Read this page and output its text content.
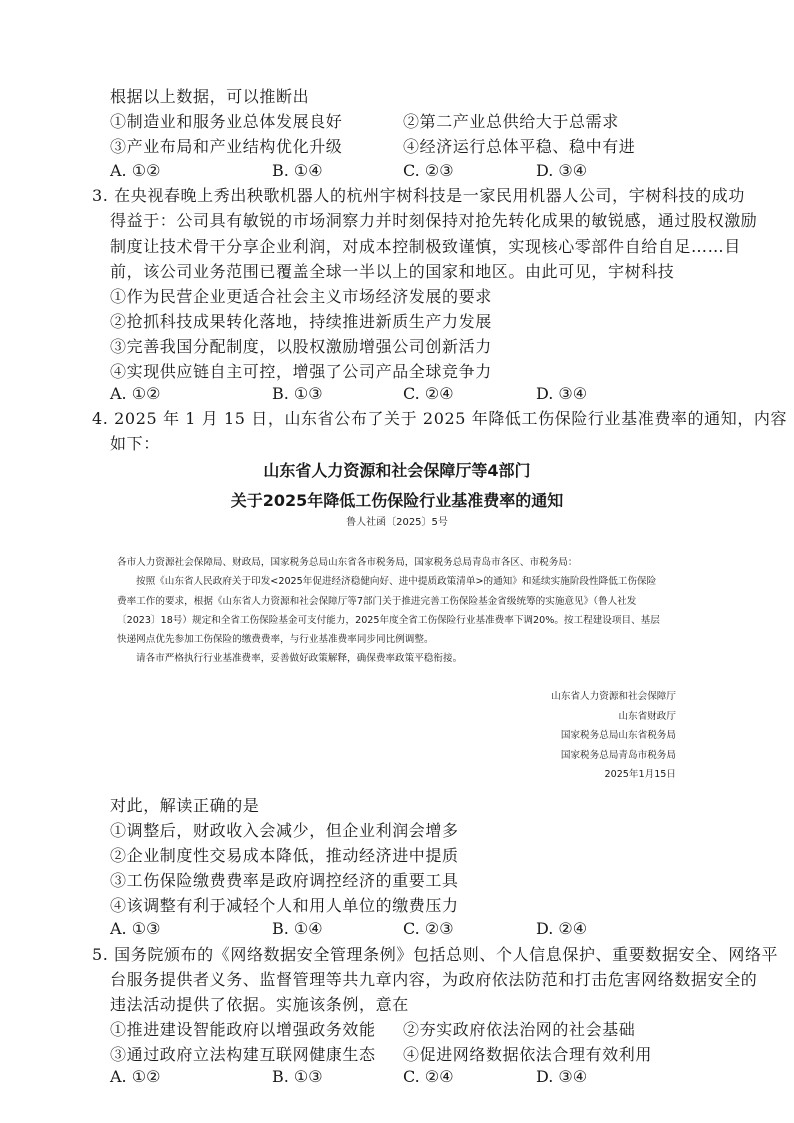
根据以上数据，可以推断出
①制造业和服务业总体发展良好	②第二产业总供给大于总需求
③产业布局和产业结构优化升级	④经济运行总体平稳、稳中有进
A. ①②	B. ①④	C. ②③	D. ③④
3. 在央视春晚上秀出秧歌机器人的杭州宇树科技是一家民用机器人公司，宇树科技的成功
得益于：公司具有敏锐的市场洞察力并时刻保持对抢先转化成果的敏锐感，通过股权激励
制度让技术骨干分享企业利润，对成本控制极致谨慎，实现核心零部件自给自足……目
前，该公司业务范围已覆盖全球一半以上的国家和地区。由此可见，宇树科技
①作为民营企业更适合社会主义市场经济发展的要求
②抢抓科技成果转化落地，持续推进新质生产力发展
③完善我国分配制度，以股权激励增强公司创新活力
④实现供应链自主可控，增强了公司产品全球竞争力
A. ①②	B. ①③	C. ②④	D. ③④
4. 2025 年 1 月 15 日，山东省公布了关于 2025 年降低工伤保险行业基准费率的通知，内容
如下：
山东省人力资源和社会保障厅等4部门
关于2025年降低工伤保险行业基准费率的通知
鲁人社函〔2025〕5号
各市人力资源社会保障局、财政局，国家税务总局山东省各市税务局，国家税务总局青岛市各区、市税务局：
按照《山东省人民政府关于印发<2025年促进经济稳健向好、进中提质政策清单>的通知》和延续实施阶段性降低工伤保险
费率工作的要求，根据《山东省人力资源和社会保障厅等7部门关于推进完善工伤保险基金省级统筹的实施意见》（鲁人社发
〔2023〕18号）规定和全省工伤保险基金可支付能力，2025年度全省工伤保险行业基准费率下调20%。按工程建设项目、基层
快递网点优先参加工伤保险的缴费费率，与行业基准费率同步同比例调整。
请各市严格执行行业基准费率，妥善做好政策解释，确保费率政策平稳衔接。
山东省人力资源和社会保障厅
山东省财政厅
国家税务总局山东省税务局
国家税务总局青岛市税务局
2025年1月15日
对此，解读正确的是
①调整后，财政收入会减少，但企业利润会增多
②企业制度性交易成本降低，推动经济进中提质
③工伤保险缴费费率是政府调控经济的重要工具
④该调整有利于减轻个人和用人单位的缴费压力
A. ①③	B. ①④	C. ②③	D. ②④
5. 国务院颁布的《网络数据安全管理条例》包括总则、个人信息保护、重要数据安全、网络平
台服务提供者义务、监督管理等共九章内容，为政府依法防范和打击危害网络数据安全的
违法活动提供了依据。实施该条例，意在
①推进建设智能政府以增强政务效能 ②夯实政府依法治网的社会基础
③通过政府立法构建互联网健康生态 ④促进网络数据依法合理有效利用
A. ①②	B. ①③	C. ②④	D. ③④
